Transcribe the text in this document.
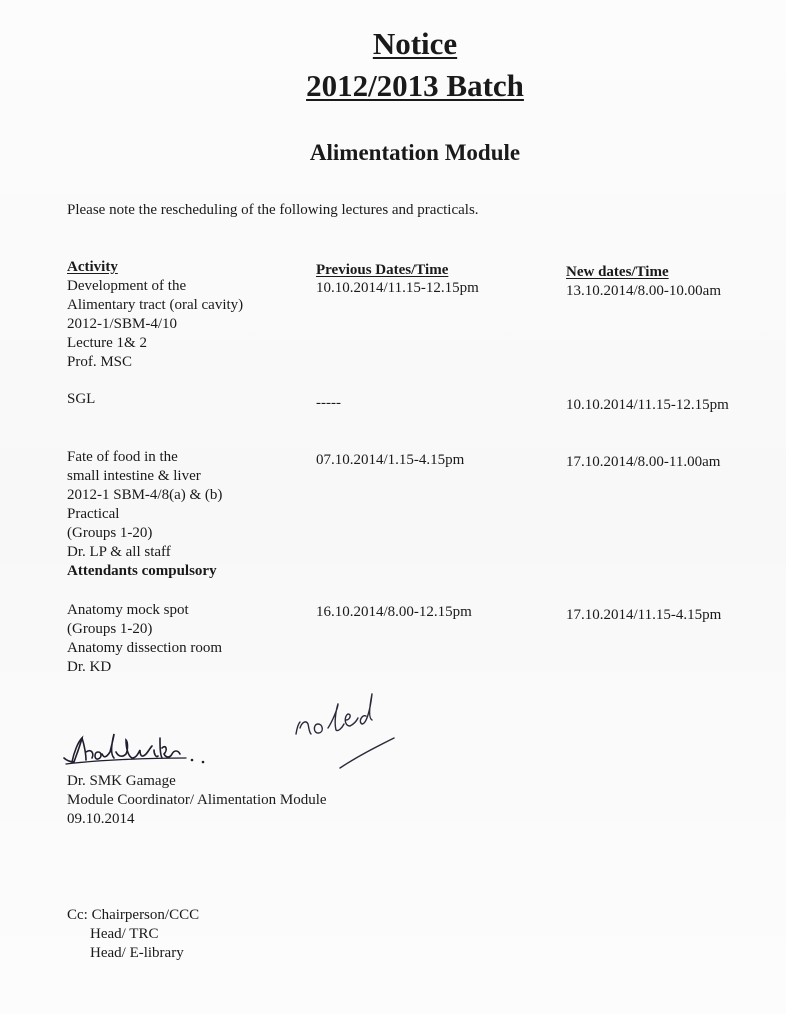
Notice
2012/2013 Batch
Alimentation Module
Please note the rescheduling of the following lectures and practicals.
Activity	Previous Dates/Time	New dates/Time
Development of the
Alimentary tract (oral cavity)
2012-1/SBM-4/10
Lecture 1& 2
Prof. MSC
10.10.2014/11.15-12.15pm	13.10.2014/8.00-10.00am
SGL	-----	10.10.2014/11.15-12.15pm
Fate of food in the
small intestine & liver
2012-1 SBM-4/8(a) & (b)
Practical
(Groups 1-20)
Dr. LP & all staff
Attendants compulsory
07.10.2014/1.15-4.15pm	17.10.2014/8.00-11.00am
Anatomy mock spot
(Groups 1-20)
Anatomy dissection room
Dr. KD
16.10.2014/8.00-12.15pm	17.10.2014/11.15-4.15pm
Dr. SMK Gamage
Module Coordinator/ Alimentation Module
09.10.2014
Cc: Chairperson/CCC
Head/ TRC
Head/ E-library
